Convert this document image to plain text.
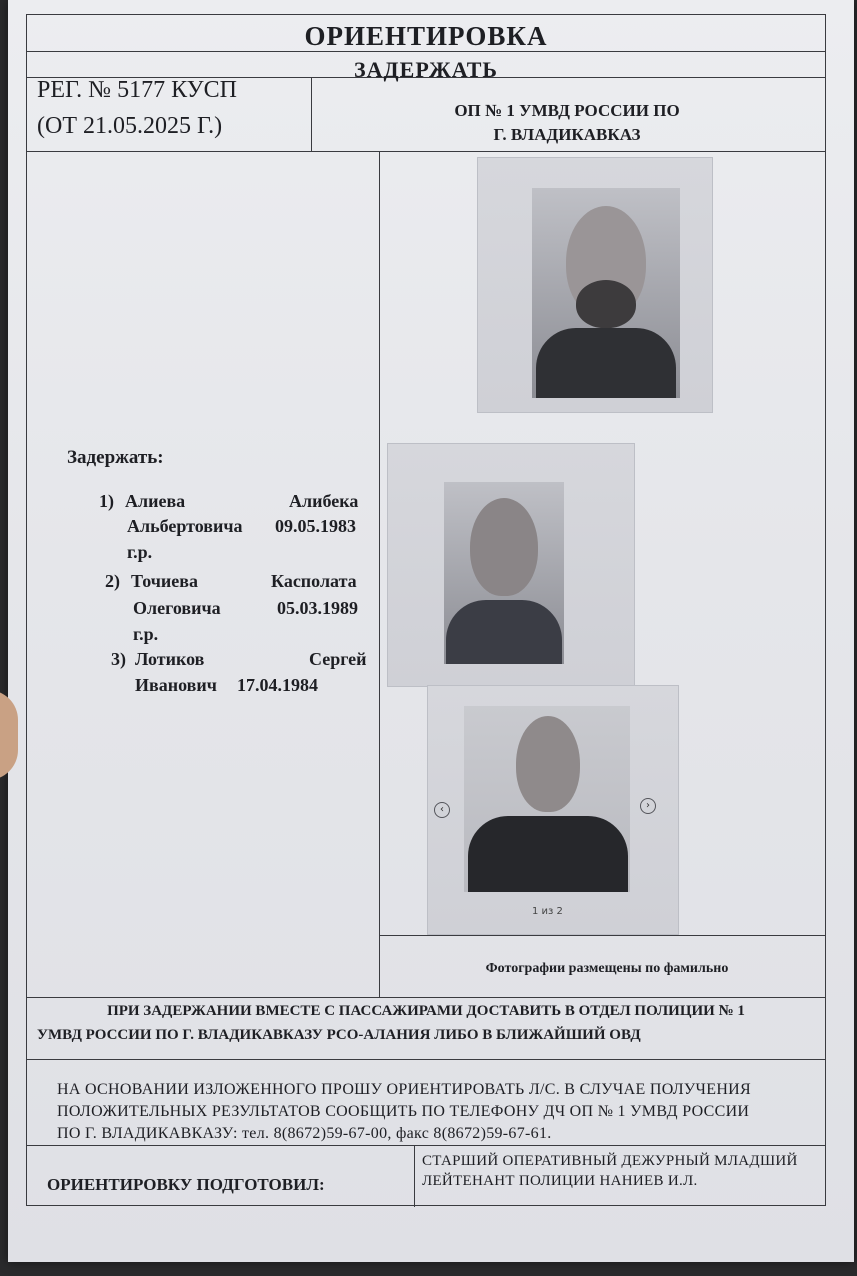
ОРИЕНТИРОВКА
ЗАДЕРЖАТЬ
РЕГ. № 5177 КУСП
(ОТ 21.05.2025 Г.)
ОП № 1 УМВД РОССИИ ПО
Г. ВЛАДИКАВКАЗ
Задержать:
1) Алиева	Алибека
Альбертовича 09.05.1983
г.р.
2) Точиева	Касполата
Олеговича	05.03.1989
г.р.
3) Лотиков	Сергей
Иванович 17.04.1984
‹	›
1 из 2
Фотографии размещены по фамильно
ПРИ ЗАДЕРЖАНИИ ВМЕСТЕ С ПАССАЖИРАМИ ДОСТАВИТЬ В ОТДЕЛ ПОЛИЦИИ № 1
УМВД РОССИИ ПО Г. ВЛАДИКАВКАЗУ РСО-АЛАНИЯ ЛИБО В БЛИЖАЙШИЙ ОВД
НА ОСНОВАНИИ ИЗЛОЖЕННОГО ПРОШУ ОРИЕНТИРОВАТЬ Л/С. В СЛУЧАЕ ПОЛУЧЕНИЯ
ПОЛОЖИТЕЛЬНЫХ РЕЗУЛЬТАТОВ СООБЩИТЬ ПО ТЕЛЕФОНУ ДЧ ОП № 1 УМВД РОССИИ
ПО Г. ВЛАДИКАВКАЗУ: тел. 8(8672)59-67-00, факс 8(8672)59-67-61.
ОРИЕНТИРОВКУ ПОДГОТОВИЛ:
СТАРШИЙ ОПЕРАТИВНЫЙ ДЕЖУРНЫЙ МЛАДШИЙ
ЛЕЙТЕНАНТ ПОЛИЦИИ НАНИЕВ И.Л.
